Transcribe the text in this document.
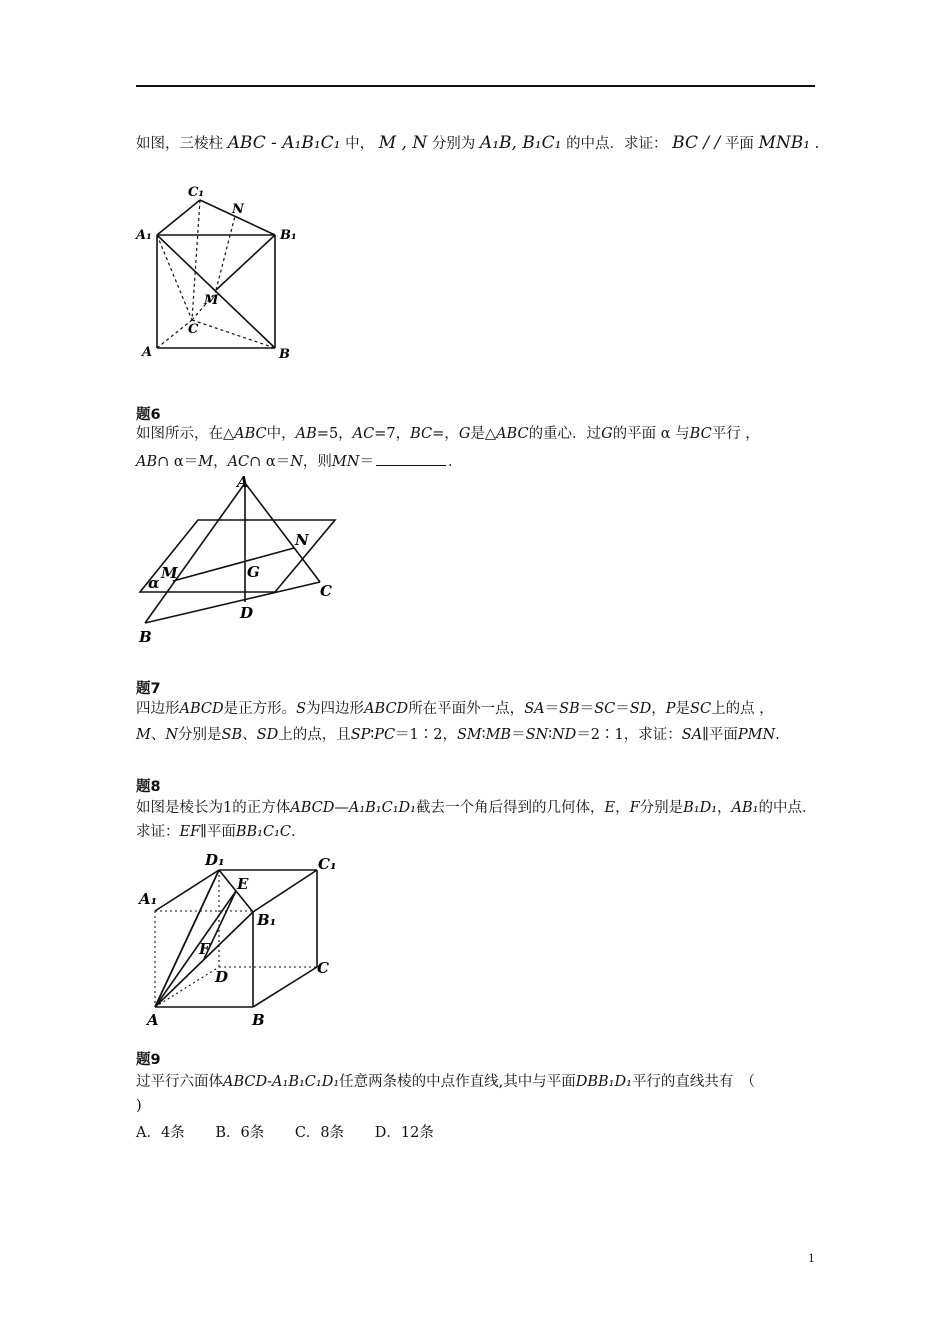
如图，三棱柱 ABC - A₁B₁C₁ 中， M , N 分别为 A₁B, B₁C₁ 的中点．求证： BC / / 平面 MNB₁ .
C₁
N
A₁	B₁
M
C
A	B
题6
如图所示，在△ABC中，AB=5，AC=7，BC=，G是△ABC的重心．过G的平面 α 与BC平行 ，
AB∩ α＝M，AC∩ α＝N，则MN＝	．
A
N
M	G
α	C
D
B
题7
四边形ABCD是正方形。S为四边形ABCD所在平面外一点，SA＝SB＝SC＝SD，P是SC上的点 ，
M、N分别是SB、SD上的点，且SP∶PC＝1∶2，SM∶MB＝SN∶ND＝2∶1，求证：SA∥平面PMN.
题8
如图是棱长为1的正方体ABCD—A₁B₁C₁D₁截去一个角后得到的几何体，E，F分别是B₁D₁，AB₁的中点．
求证：EF∥平面BB₁C₁C.
D₁	C₁
E
A₁
B₁
F
D	C
A	B
题9
过平行六面体ABCD-A₁B₁C₁D₁任意两条棱的中点作直线,其中与平面DBB₁D₁平行的直线共有　（
)
A．4条 B．6条 C．8条 D．12条
1
